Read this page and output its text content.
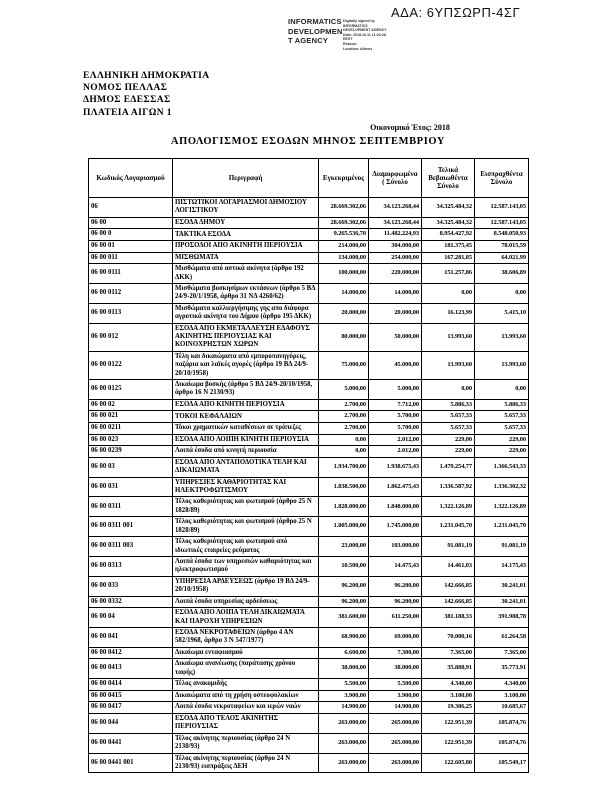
ΑΔΑ: 6ΥΠΣΩΡΠ-4ΣΓ
INFORMATICS
DEVELOPMEN
T AGENCY
Digitally signed by
INFORMATICS
DEVELOPMENT AGENCY
Date: 2018.10.11 11:20:28
EEST
Reason:
Location: Athens
ΕΛΛΗΝΙΚΗ ΔΗΜΟΚΡΑΤΙΑ
ΝΟΜΟΣ ΠΕΛΛΑΣ
ΔΗΜΟΣ ΕΔΕΣΣΑΣ
ΠΛΑΤΕΙΑ ΑΙΓΩΝ 1
Οικονομικό Έτος: 2018
ΑΠΟΛΟΓΙΣΜΟΣ ΕΣΟΔΩΝ ΜΗΝΟΣ ΣΕΠΤΕΜΒΡΙΟΥ
Κωδικός Λογαριασμού	Περιγραφή	Εγκεκριμένος	Διαμορφωμένα ( Σύνολο	Τελικά Βεβαιωθέντα Σύνολο	Εισπραχθέντα Σύνολο
06	ΠΙΣΤΩΤΙΚΟΙ ΛΟΓΑΡΙΑΣΜΟΙ ΔΗΜΟΣΙΟΥ ΛΟΓΙΣΤΙΚΟΥ	28.669.302,06	34.123.268,44	34.325.484,32	12.587.143,05
06 00	ΕΣΟΔΑ ΔΗΜΟΥ	28.669.302,06	34.123.268,44	34.325.484,32	12.587.143,05
06 00 0	ΤΑΚΤΙΚΑ ΕΣΟΔΑ	9.265.536,70	11.482.224,93	8.954.427,92	8.548.050,93
06 00 01	ΠΡΟΣΟΔΟΙ ΑΠΟ ΑΚΙΝΗΤΗ ΠΕΡΙΟΥΣΙΑ	214.000,00	304.000,00	181.375,45	78.015,59
06 00 011	ΜΙΣΘΩΜΑΤΑ	134.000,00	254.000,00	167.281,85	64.021,99
06 00 0111	Μισθώματα από αστικά ακίνητα (άρθρο 192 ΔΚΚ)	100.000,00	220.000,00	151.257,86	38.606,89
06 00 0112	Μισθώματα βοσκησίμων εκτάσεων (άρθρο 5 ΒΔ 24/9-20/1/1958, άρθρο 31 ΝΔ 4260/62)	14.000,00	14.000,00	0,00	0,00
06 00 0113	Μισθώματα καλλιεργήσιμης γης απο διάφορα αγροτικά ακίνητα του Δήμου (άρθρο 195 ΔΚΚ)	20.000,00	20.000,00	16.123,99	5.415,10
06 00 012	ΕΣΟΔΑ ΑΠΟ ΕΚΜΕΤΑΛΛΕΥΣΗ ΕΔΑΦΟΥΣ ΑΚΙΝΗΤΗΣ ΠΕΡΙΟΥΣΙΑΣ ΚΑΙ ΚΟΙΝΟΧΡΗΣΤΩΝ ΧΩΡΩΝ	80.000,00	50.000,00	13.993,60	13.993,60
06 00 0122	Τέλη και δικαιώματα από εμποροπανηγύρεις, παζάρια και λαϊκές αγορές (άρθρο 19 ΒΔ 24/9-20/10/1958)	75.000,00	45.000,00	13.993,60	13.993,60
06 00 0125	Δικαίωμα βοσκής (άρθρο 5 ΒΔ 24/9-20/10/1958, άρθρο 16 Ν 2130/93)	5.000,00	5.000,00	0,00	0,00
06 00 02	ΕΣΟΔΑ ΑΠΟ ΚΙΝΗΤΗ ΠΕΡΙΟΥΣΙΑ	2.700,00	7.712,00	5.886,33	5.886,33
06 00 021	ΤΟΚΟΙ ΚΕΦΑΛΑΙΩΝ	2.700,00	5.700,00	5.657,33	5.657,33
06 00 0211	Τόκοι χρηματικών καταθέσεων σε τράπεζες	2.700,00	5.700,00	5.657,33	5.657,33
06 00 023	ΕΣΟΔΑ ΑΠΟ ΛΟΙΠΗ ΚΙΝΗΤΗ ΠΕΡΙΟΥΣΙΑ	0,00	2.012,00	229,00	229,00
06 00 0239	Λοιπά έσοδα από κινητή περιουσία	0,00	2.012,00	229,00	229,00
06 00 03	ΕΣΟΔΑ ΑΠΟ ΑΝΤΑΠΟΔΟΤΙΚΑ ΤΕΛΗ ΚΑΙ ΔΙΚΑΙΩΜΑΤΑ	1.934.700,00	1.938.675,43	1.479.254,77	1.366.543,33
06 00 031	ΥΠΗΡΕΣΙΕΣ ΚΑΘΑΡΙΟΤΗΤΑΣ ΚΑΙ ΗΛΕΚΤΡΟΦΩΤΙΣΜΟΥ	1.838.500,00	1.862.475,43	1.336.587,92	1.336.302,32
06 00 0311	Τέλος καθεριότητας και φωτισμού (άρθρο 25 Ν 1828/89)	1.828.000,00	1.848.000,00	1.322.126,89	1.322.126,89
06 00 0311 001	Τέλος καθεριότητας και φωτισμού (άρθρο 25 Ν 1828/89)	1.805.000,00	1.745.000,00	1.231.045,70	1.231.045,70
06 00 0311 003	Τέλος καθεριότητας και φωτισμού από ιδιωτικές εταιρείες ρεύματος	23.000,00	103.000,00	91.081,19	91.081,19
06 00 0313	Λοιπά έσοδα των υπηρεσιών καθαριότητας και ηλεκτροφωτισμού	10.500,00	14.475,43	14.461,03	14.175,43
06 00 033	ΥΠΗΡΕΣΙΑ ΑΡΔΕΥΣΕΩΣ (άρθρο 19 ΒΔ 24/9-20/10/1958)	96.200,00	96.200,00	142.666,85	30.241,01
06 00 0332	Λοιπά έσοδα υπηρεσίας αρδεύσεως	96.200,00	96.200,00	142.666,85	30.241,01
06 00 04	ΕΣΟΔΑ ΑΠΟ ΛΟΙΠΑ ΤΕΛΗ ΔΙΚΑΙΩΜΑΤΑ ΚΑΙ ΠΑΡΟΧΗ ΥΠΗΡΕΣΙΩΝ	381.600,00	611.250,00	381.188,33	391.988,78
06 00 041	ΕΣΟΔΑ ΝΕΚΡΟΤΑΦΕΙΩΝ (άρθρο 4 ΑΝ 582/1968, άρθρο 3 Ν 547/1977)	68.900,00	69.000,00	70.000,16	61.264,58
06 00 0412	Δικαίωμα ενταφιασμού	6.600,00	7.300,00	7.365,00	7.365,00
06 00 0413	Δικαίωμα ανανέωσης (παράτασης χρόνου ταφής)	38.000,00	38.000,00	35.888,91	35.773,91
06 00 0414	Τέλος ανακομιδής	5.500,00	5.500,00	4.340,00	4.340,00
06 00 0415	Δικαιώματα από τη χρήση οστεοφυλακίων	3.900,00	3.900,00	3.100,00	3.100,00
06 00 0417	Λοιπά έσοδα νεκροταφείων και ιερών ναών	14.900,00	14.900,00	19.306,25	10.685,67
06 00 044	ΕΣΟΔΑ ΑΠΟ ΤΕΛΟΣ ΑΚΙΝΗΤΗΣ ΠΕΡΙΟΥΣΙΑΣ	263.000,00	265.000,00	122.951,39	105.874,76
06 00 0441	Τέλος ακίνητης περιουσίας (άρθρο 24 Ν 2130/93)	263.000,00	265.000,00	122.951,39	105.874,76
06 00 0441 001	Τέλος ακίνητης περιουσίας (άρθρο 24 Ν 2130/93) εισπράξεις ΔΕΗ	263.000,00	263.000,00	122.605,80	105.549,17
